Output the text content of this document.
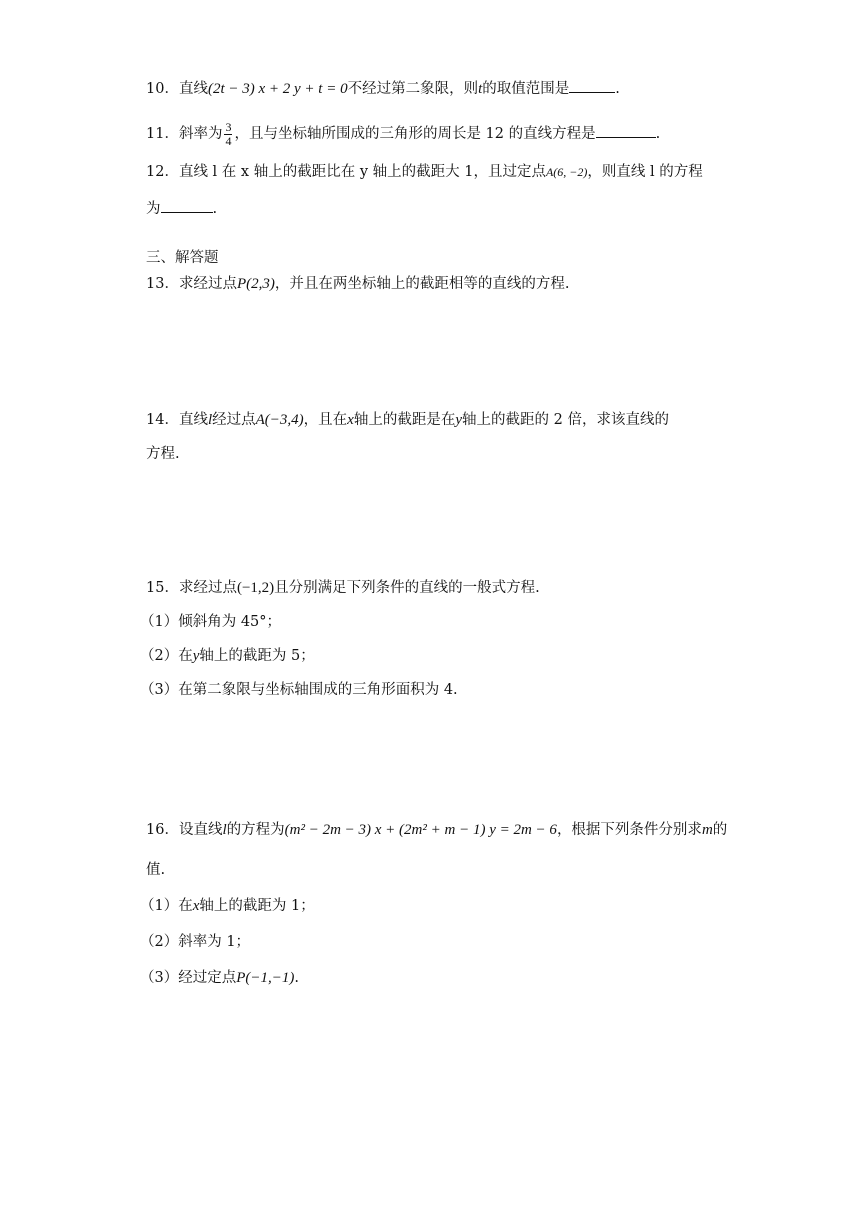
10．直线(2t − 3) x + 2 y + t = 0不经过第二象限，则t的取值范围是	.
11．斜率为 $\frac{3}{4}$ ，且与坐标轴所围成的三角形的周长是 12 的直线方程是	.
12．直线 l 在 x 轴上的截距比在 y 轴上的截距大 1，且过定点A(6, −2)，则直线 l 的方程
为	.
三、解答题
13．求经过点P(2,3)，并且在两坐标轴上的截距相等的直线的方程.
14．直线l经过点A(−3,4)，且在x轴上的截距是在y轴上的截距的 2 倍，求该直线的
方程.
15．求经过点(−1,2)且分别满足下列条件的直线的一般式方程.
（1）倾斜角为 45°；
（2）在y轴上的截距为 5；
（3）在第二象限与坐标轴围成的三角形面积为 4.
16．设直线l的方程为(m² − 2m − 3) x + (2m² + m − 1) y = 2m − 6，根据下列条件分别求m的
值.
（1）在x轴上的截距为 1；
（2）斜率为 1；
（3）经过定点P(−1,−1).
